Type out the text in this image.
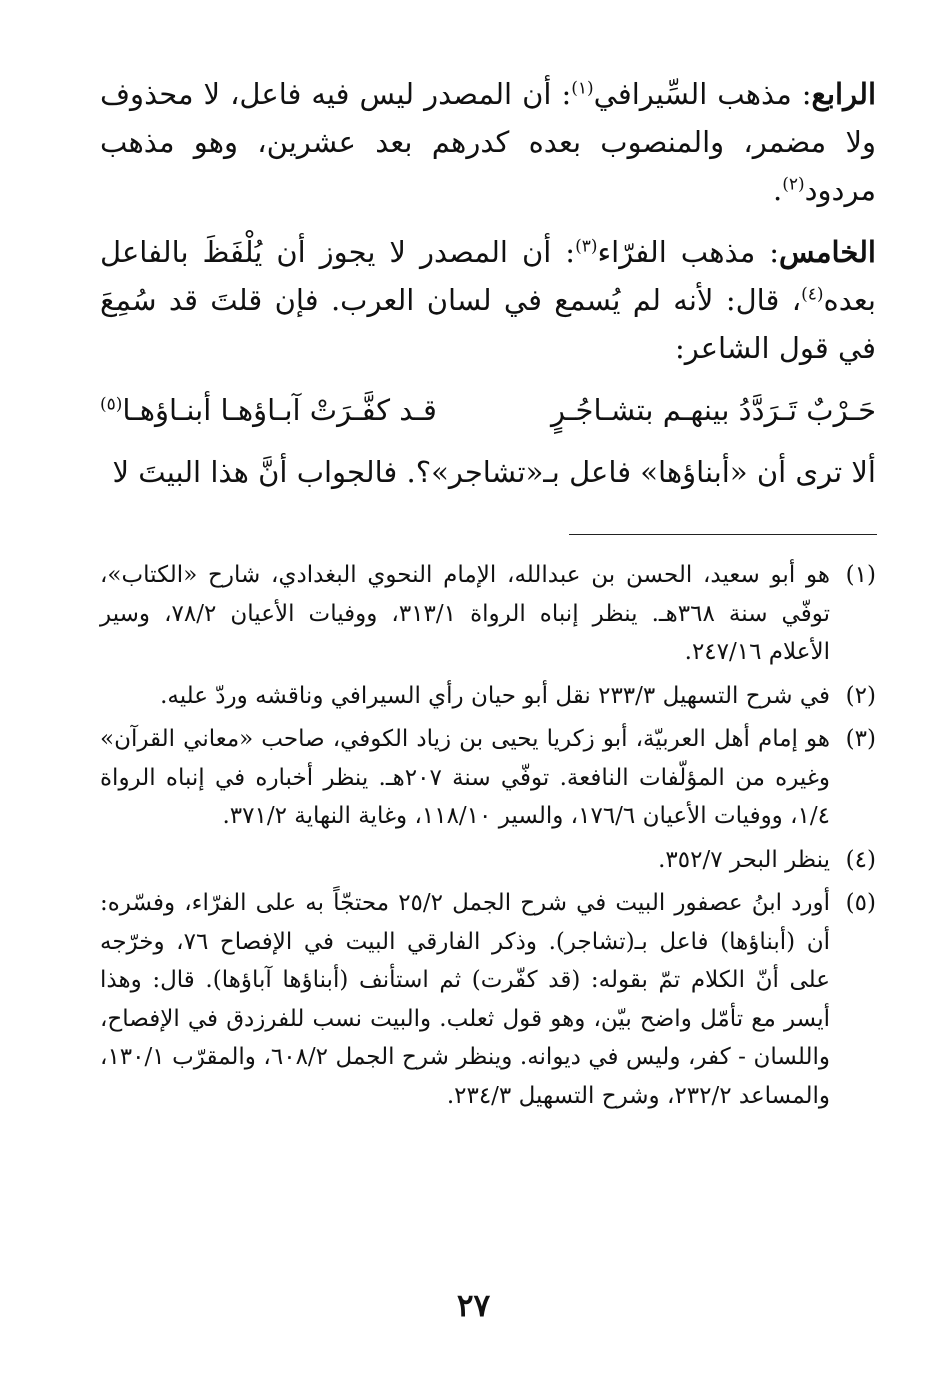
الرابع: مذهب السِّيرافي$^{(١)}$: أن المصدر ليس فيه فاعل، لا محذوف ولا مضمر، والمنصوب بعده كدرهم بعد عشرين، وهو مذهب مردود$^{(٢)}$.

الخامس: مذهب الفرّاء$^{(٣)}$: أن المصدر لا يجوز أن يُلْفَظَ بالفاعل بعده$^{(٤)}$، قال: لأنه لم يُسمع في لسان العرب. فإن قلتَ قد سُمِعَ في قول الشاعر:

حَـرْبٌ تَـرَدَّدُ بينهـم بتشـاجُـرٍ
قـد كفَّـرَتْ آبـاؤهـا أبنـاؤهـا$^{(٥)}$

ألا ترى أن «أبناؤها» فاعل بـ«تشاجر»؟. فالجواب أنَّ هذا البيتَ لا

(١)
هو أبو سعيد، الحسن بن عبدالله، الإمام النحوي البغدادي، شارح «الكتاب»، توفّي سنة ٣٦٨هـ. ينظر إنباه الرواة ٣١٣/١، ووفيات الأعيان ٧٨/٢، وسير الأعلام ٢٤٧/١٦.
(٢)
في شرح التسهيل ٢٣٣/٣ نقل أبو حيان رأي السيرافي وناقشه وردّ عليه.
(٣)
هو إمام أهل العربيّة، أبو زكريا يحيى بن زياد الكوفي، صاحب «معاني القرآن» وغيره من المؤلّفات النافعة. توفّي سنة ٢٠٧هـ. ينظر أخباره في إنباه الرواة ١/٤، ووفيات الأعيان ١٧٦/٦، والسير ١١٨/١٠، وغاية النهاية ٣٧١/٢.
(٤)
ينظر البحر ٣٥٢/٧.
(٥)
أورد ابنُ عصفور البيت في شرح الجمل ٢٥/٢ محتجّاً به على الفرّاء، وفسّره: أن (أبناؤها) فاعل بـ(تشاجر). وذكر الفارقي البيت في الإفصاح ٧٦، وخرّجه على أنّ الكلام تمّ بقوله: (قد كفّرت) ثم استأنف (أبناؤها آباؤها). قال: وهذا أيسر مع تأمّل واضح بيّن، وهو قول ثعلب. والبيت نسب للفرزدق في الإفصاح، واللسان - كفر، وليس في ديوانه. وينظر شرح الجمل ٦٠٨/٢، والمقرّب ١٣٠/١، والمساعد ٢٣٢/٢، وشرح التسهيل ٢٣٤/٣.
٢٧
